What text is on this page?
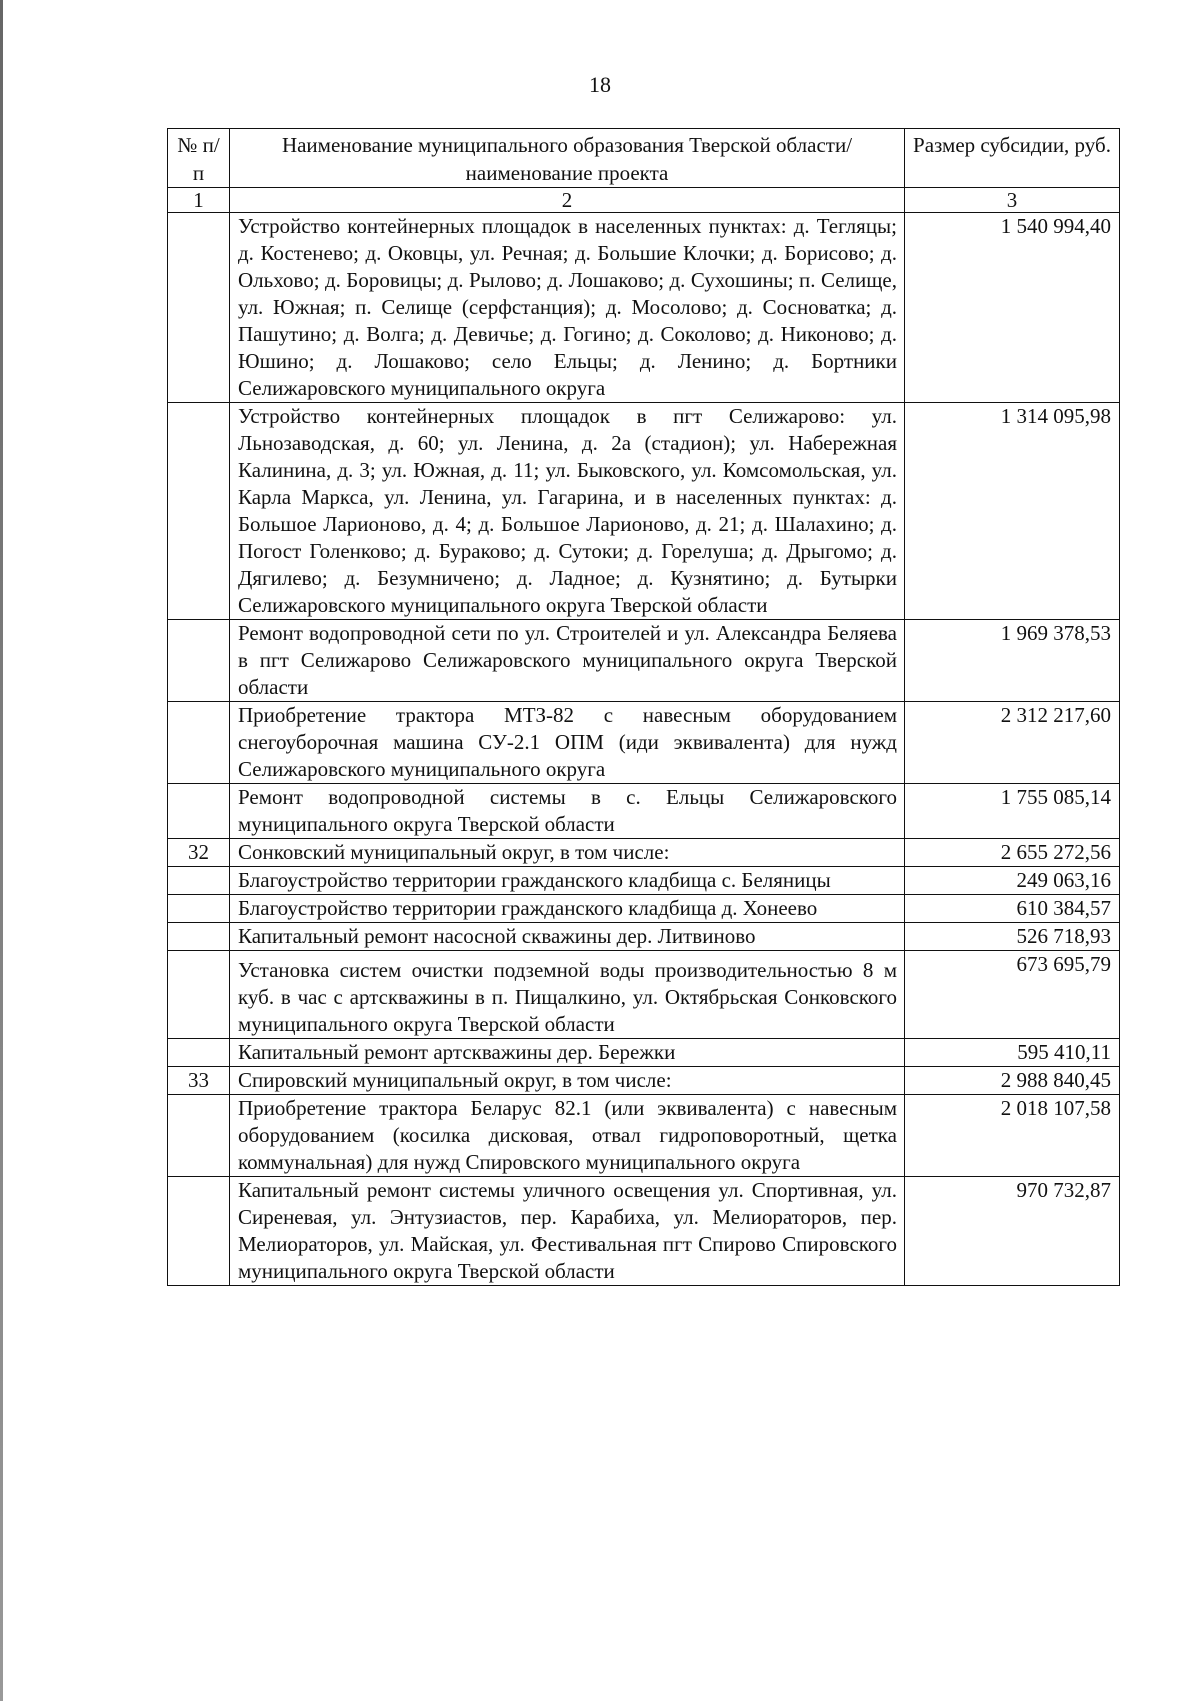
18
№ п/п	Наименование муниципального образования Тверской области/наименование проекта	Размер субсидии, руб.
1	2	3
	Устройство контейнерных площадок в населенных пунктах: д. Тегляцы; д. Костенево; д. Оковцы, ул. Речная; д. Большие Клочки; д. Борисово; д. Ольхово; д. Боровицы; д. Рылово; д. Лошаково; д. Сухошины; п. Селище, ул. Южная; п. Селище (серфстанция); д. Мосолово; д. Сосноватка; д. Пашутино; д. Волга; д. Девичье; д. Гогино; д. Соколово; д. Никоново; д. Юшино; д. Лошаково; село Ельцы; д. Ленино; д. Бортники Селижаровского муниципального округа	1 540 994,40
	Устройство контейнерных площадок в пгт Селижарово: ул. Льнозаводская, д. 60; ул. Ленина, д. 2а (стадион); ул. Набережная Калинина, д. 3; ул. Южная, д. 11; ул. Быковского, ул. Комсомольская, ул. Карла Маркса, ул. Ленина, ул. Гагарина, и в населенных пунктах: д. Большое Ларионово, д. 4; д. Большое Ларионово, д. 21; д. Шалахино; д. Погост Голенково; д. Бураково; д. Сутоки; д. Горелуша; д. Дрыгомо; д. Дягилево; д. Безумничено; д. Ладное; д. Кузнятино; д. Бутырки Селижаровского муниципального округа Тверской области	1 314 095,98
	Ремонт водопроводной сети по ул. Строителей и ул. Александра Беляева в пгт Селижарово Селижаровского муниципального округа Тверской области	1 969 378,53
	Приобретение трактора МТЗ-82 с навесным оборудованием снегоуборочная машина СУ-2.1 ОПМ (иди эквивалента) для нужд Селижаровского муниципального округа	2 312 217,60
	Ремонт водопроводной системы в с. Ельцы Селижаровского муниципального округа Тверской области	1 755 085,14
32	Сонковский муниципальный округ, в том числе:	2 655 272,56
	Благоустройство территории гражданского кладбища с. Беляницы	249 063,16
	Благоустройство территории гражданского кладбища д. Хонеево	610 384,57
	Капитальный ремонт насосной скважины дер. Литвиново	526 718,93
	Установка систем очистки подземной воды производительностью 8 м куб. в час с артскважины в п. Пищалкино, ул. Октябрьская Сонковского муниципального округа Тверской области	673 695,79
	Капитальный ремонт артскважины дер. Бережки	595 410,11
33	Спировский муниципальный округ, в том числе:	2 988 840,45
	Приобретение трактора Беларус 82.1 (или эквивалента) с навесным оборудованием (косилка дисковая, отвал гидроповоротный, щетка коммунальная) для нужд Спировского муниципального округа	2 018 107,58
	Капитальный ремонт системы уличного освещения ул. Спортивная, ул. Сиреневая, ул. Энтузиастов, пер. Карабиха, ул. Мелиораторов, пер. Мелиораторов, ул. Майская, ул. Фестивальная пгт Спирово Спировского муниципального округа Тверской области	970 732,87
